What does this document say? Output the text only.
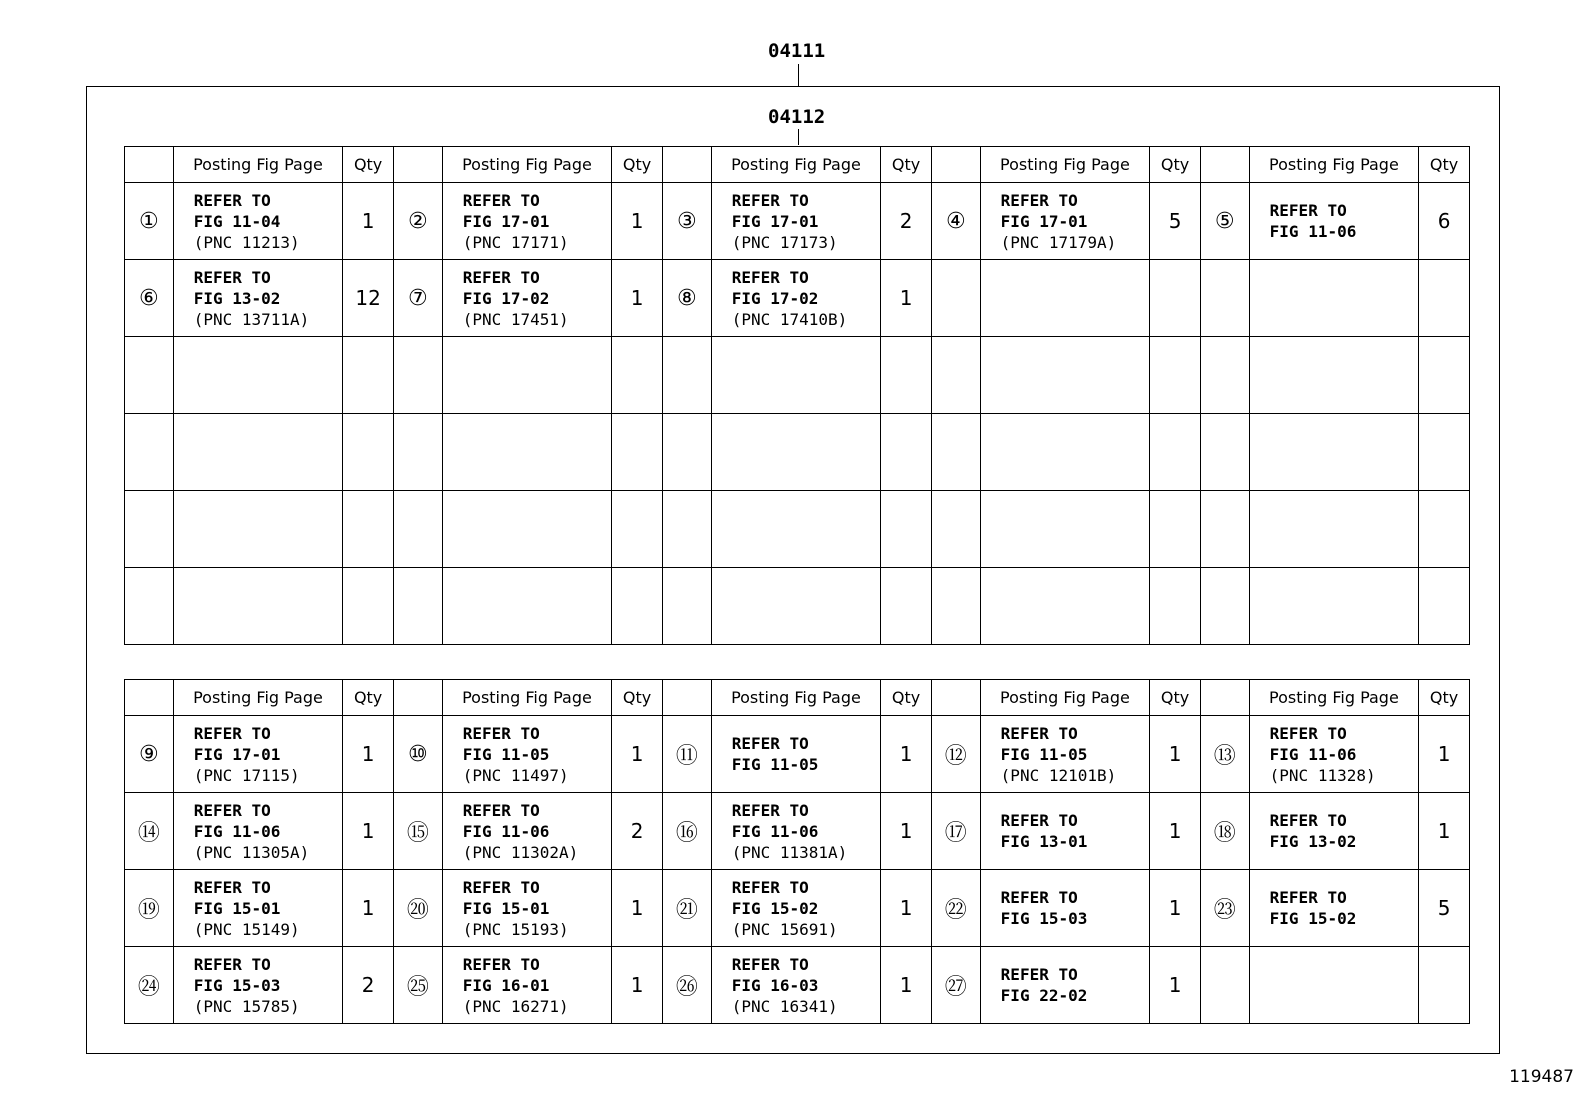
04111
04112
	Posting Fig Page	Qty		Posting Fig Page	Qty		Posting Fig Page	Qty		Posting Fig Page	Qty		Posting Fig Page	Qty
①	REFER TO
FIG 11-04
(PNC 11213)	1	②	REFER TO
FIG 17-01
(PNC 17171)	1	③	REFER TO
FIG 17-01
(PNC 17173)	2	④	REFER TO
FIG 17-01
(PNC 17179A)	5	⑤	REFER TO
FIG 11-06	6
⑥	REFER TO
FIG 13-02
(PNC 13711A)	12	⑦	REFER TO
FIG 17-02
(PNC 17451)	1	⑧	REFER TO
FIG 17-02
(PNC 17410B)	1		

	Posting Fig Page	Qty		Posting Fig Page	Qty		Posting Fig Page	Qty		Posting Fig Page	Qty		Posting Fig Page	Qty
⑨	REFER TO
FIG 17-01
(PNC 17115)	1	⑩	REFER TO
FIG 11-05
(PNC 11497)	1	⑪	REFER TO
FIG 11-05	1	⑫	REFER TO
FIG 11-05
(PNC 12101B)	1	⑬	REFER TO
FIG 11-06
(PNC 11328)	1
⑭	REFER TO
FIG 11-06
(PNC 11305A)	1	⑮	REFER TO
FIG 11-06
(PNC 11302A)	2	⑯	REFER TO
FIG 11-06
(PNC 11381A)	1	⑰	REFER TO
FIG 13-01	1	⑱	REFER TO
FIG 13-02	1
⑲	REFER TO
FIG 15-01
(PNC 15149)	1	⑳	REFER TO
FIG 15-01
(PNC 15193)	1	㉑	REFER TO
FIG 15-02
(PNC 15691)	1	㉒	REFER TO
FIG 15-03	1	㉓	REFER TO
FIG 15-02	5
㉔	REFER TO
FIG 15-03
(PNC 15785)	2	㉕	REFER TO
FIG 16-01
(PNC 16271)	1	㉖	REFER TO
FIG 16-03
(PNC 16341)	1	㉗	REFER TO
FIG 22-02	1		

119487
